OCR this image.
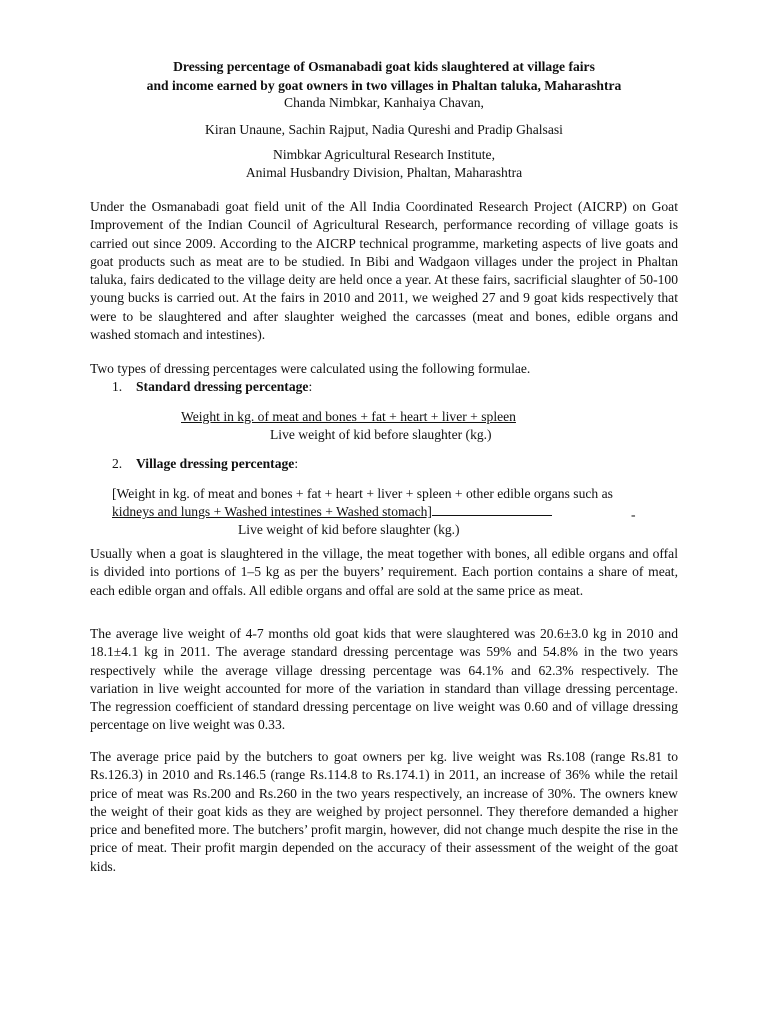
Dressing percentage of Osmanabadi goat kids slaughtered at village fairs
and income earned by goat owners in two villages in Phaltan taluka, Maharashtra
Chanda Nimbkar, Kanhaiya Chavan,
Kiran Unaune, Sachin Rajput, Nadia Qureshi and Pradip Ghalsasi
Nimbkar Agricultural Research Institute,
Animal Husbandry Division, Phaltan, Maharashtra

Under the Osmanabadi goat field unit of the All India Coordinated Research Project (AICRP) on Goat Improvement of the Indian Council of Agricultural Research, performance recording of village goats is carried out since 2009. According to the AICRP technical programme, marketing aspects of live goats and goat products such as meat are to be studied. In Bibi and Wadgaon villages under the project in Phaltan taluka, fairs dedicated to the village deity are held once a year. At these fairs, sacrificial slaughter of 50-100 young bucks is carried out. At the fairs in 2010 and 2011, we weighed 27 and 9 goat kids respectively that were to be slaughtered and after slaughter weighed the carcasses (meat and bones, edible organs and washed stomach and intestines).

Two types of dressing percentages were calculated using the following formulae.
1. Standard dressing percentage:
Weight in kg. of meat and bones + fat + heart + liver + spleen
Live weight of kid before slaughter (kg.)
2. Village dressing percentage:
[Weight in kg. of meat and bones + fat + heart + liver + spleen + other edible organs such as
kidneys and lungs + Washed intestines + Washed stomach]	-
Live weight of kid before slaughter (kg.)

Usually when a goat is slaughtered in the village, the meat together with bones, all edible organs and offal is divided into portions of 1–5 kg as per the buyers’ requirement. Each portion contains a share of meat, each edible organ and offals. All edible organs and offal are sold at the same price as meat.

The average live weight of 4-7 months old goat kids that were slaughtered was 20.6±3.0 kg in 2010 and 18.1±4.1 kg in 2011. The average standard dressing percentage was 59% and 54.8% in the two years respectively while the average village dressing percentage was 64.1% and 62.3% respectively. The variation in live weight accounted for more of the variation in standard than village dressing percentage. The regression coefficient of standard dressing percentage on live weight was 0.60 and of village dressing percentage on live weight was 0.33.

The average price paid by the butchers to goat owners per kg. live weight was Rs.108 (range Rs.81 to Rs.126.3) in 2010 and Rs.146.5 (range Rs.114.8 to Rs.174.1) in 2011, an increase of 36% while the retail price of meat was Rs.200 and Rs.260 in the two years respectively, an increase of 30%. The owners knew the weight of their goat kids as they are weighed by project personnel. They therefore demanded a higher price and benefited more. The butchers’ profit margin, however, did not change much despite the rise in the price of meat. Their profit margin depended on the accuracy of their assessment of the weight of the goat kids.
